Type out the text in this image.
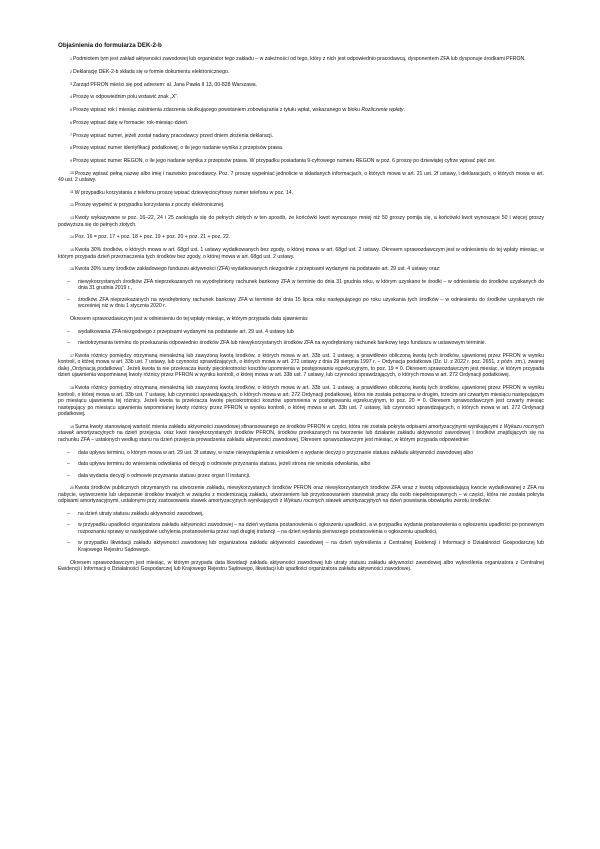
Objaśnienia do formularza DEK-2-b

$^1$Podmiotem tym jest zakład aktywności zawodowej lub organizator tego zakładu – w zależności od tego, który z nich jest odpowiednio pracodawcą, dysponentem ZFA lub dysponuje środkami PFRON.

$^2$Deklarację DEK-2-b składa się w formie dokumentu elektronicznego.

$^3$Zarząd PFRON mieści się pod adresem: al. Jana Pawła II 13, 00-828 Warszawa.

$^4$Proszę w odpowiednim polu wstawić znak „X”.

$^5$Proszę wpisać rok i miesiąc zaistnienia zdarzenia skutkującego powstaniem zobowiązania z tytułu wpłat, wskazanego w bloku Rozliczenie wpłaty.

$^6$Proszę wpisać datę w formacie: rok-miesiąc-dzień.

$^7$Proszę wpisać numer, jeżeli został nadany pracodawcy przed dniem złożenia deklaracji.

$^8$Proszę wpisać numer identyfikacji podatkowej, o ile jego nadanie wynika z przepisów prawa.

$^9$Proszę wpisać numer REGON, o ile jego nadanie wynika z przepisów prawa. W przypadku posiadania 9-cyfrowego numeru REGON w poz. 6 proszę po dziewiątej cyfrze wpisać pięć zer.

$^{10}$Proszę wpisać pełną nazwę albo imię i nazwisko pracodawcy. Poz. 7 proszę wypełniać jednolicie w składanych informacjach, o których mowa w art. 21 ust. 2f ustawy, i deklaracjach, o których mowa w art. 49 ust. 2 ustawy.

$^{11}$W przypadku korzystania z telefonu proszę wpisać dziewięciocyfrowy numer telefonu w poz. 14.

$^{12}$Proszę wypełnić w przypadku korzystania z poczty elektronicznej.

$^{13}$Kwoty wykazywane w poz. 16–22, 24 i 25 zaokrągla się do pełnych złotych w ten sposób, że końcówki kwot wynoszące mniej niż 50 groszy pomija się, a końcówki kwot wynoszące 50 i więcej groszy podwyższa się do pełnych złotych.

$^{14}$Poz. 16 = poz. 17 + poz. 18 + poz. 19 + poz. 20 + poz. 21 + poz. 22.

$^{15}$Kwota 30% środków, o których mowa w art. 68gd ust. 1 ustawy wydatkowanych bez zgody, o której mowa w art. 68gd ust. 2 ustawy. Okresem sprawozdawczym jest w odniesieniu do tej wpłaty miesiąc, w którym przypada dzień przeznaczenia tych środków bez zgody, o której mowa w art. 68gd ust. 2 ustawy.

$^{16}$Kwota 30% sumy środków zakładowego funduszu aktywności (ZFA) wydatkowanych niezgodnie z przepisami wydanymi na podstawie art. 29 ust. 4 ustawy oraz:

– niewykorzystanych środków ZFA nieprzekazanych na wyodrębniony rachunek bankowy ZFA w terminie do dnia 31 grudnia roku, w którym uzyskano te środki – w odniesieniu do środków uzyskanych do dnia 31 grudnia 2019 r.,
– środków ZFA nieprzekazanych na wyodrębniony rachunek bankowy ZFA w terminie do dnia 15 lipca roku następującego po roku uzyskania tych środków – w odniesieniu do środków uzyskanych nie wcześniej niż w dniu 1 stycznia 2020 r.

Okresem sprawozdawczym jest w odniesieniu do tej wpłaty miesiąc, w którym przypada data ujawnienia:

– wydatkowania ZFA niezgodnego z przepisami wydanymi na podstawie art. 29 ust. 4 ustawy lub
– niedotrzymania terminu do przekazania odpowiednio środków ZFA lub niewykorzystanych środków ZFA na wyodrębniony rachunek bankowy tego funduszu w ustawowym terminie.

$^{17}$Kwota różnicy pomiędzy otrzymaną nienależną lub zawyżoną kwotą środków, o których mowa w art. 33b ust. 1 ustawy, a prawidłowo obliczoną kwotą tych środków, ujawnionej przez PFRON w wyniku kontroli, o której mowa w art. 33b ust. 7 ustawy, lub czynności sprawdzających, o których mowa w art. 272 ustawy z dnia 29 sierpnia 1997 r. – Ordynacja podatkowa (Dz. U. z 2022 r. poz. 2651, z późn. zm.), zwanej dalej „Ordynacją podatkową”. Jeżeli kwota ta nie przekracza kwoty pięciokrotności kosztów upomnienia w postępowaniu egzekucyjnym, to poz. 19 = 0. Okresem sprawozdawczym jest miesiąc, w którym przypada dzień ujawnienia wspomnianej kwoty różnicy przez PFRON w wyniku kontroli, o której mowa w art. 33b ust. 7 ustawy, lub czynności sprawdzających, o których mowa w art. 272 Ordynacji podatkowej.

$^{18}$Kwota różnicy pomiędzy otrzymaną nienależną lub zawyżoną kwotą środków, o których mowa w art. 33b ust. 1 ustawy, a prawidłowo obliczoną kwotą tych środków, ujawnionej przez PFRON w wyniku kontroli, o której mowa w art. 33b ust. 7 ustawy, lub czynności sprawdzających, o których mowa w art. 272 Ordynacji podatkowej, która nie została potrącona w drugim, trzecim ani czwartym miesiącu następującym po miesiącu ujawnienia tej różnicy. Jeżeli kwota ta przekracza kwotę pięciokrotności kosztów upomnienia w postępowaniu egzekucyjnym, to poz. 20 = 0. Okresem sprawozdawczym jest czwarty miesiąc następujący po miesiącu ujawnienia wspomnianej kwoty różnicy przez PFRON w wyniku kontroli, o której mowa w art. 33b ust. 7 ustawy, lub czynności sprawdzających, o których mowa w art. 272 Ordynacji podatkowej.

$^{19}$Suma kwoty stanowiącej wartość mienia zakładu aktywności zawodowej sfinansowanego ze środków PFRON w części, która nie została pokryta odpisami amortyzacyjnymi wynikającymi z Wykazu rocznych stawek amortyzacyjnych na dzień przejęcia, oraz kwot niewykorzystanych środków PFRON, środków przekazanych na tworzenie lub działanie zakładu aktywności zawodowej i środków znajdujących się na rachunku ZFA – ustalonych według stanu na dzień przejęcia prowadzenia zakładu aktywności zawodowej. Okresem sprawozdawczym jest miesiąc, w którym przypada odpowiednie:

– data upływu terminu, o którym mowa w art. 29 ust. 3f ustawy, w razie niewystąpienia z wnioskiem o wydanie decyzji o przyznanie statusu zakładu aktywności zawodowej albo
– data upływu terminu do wniesienia odwołania od decyzji o odmowie przyznania statusu, jeżeli strona nie wniosła odwołania, albo
– data wydania decyzji o odmowie przyznania statusu przez organ II instancji.

$^{20}$Kwota środków publicznych otrzymanych na utworzenie zakładu, niewykorzystanych środków PFRON oraz niewykorzystanych środków ZFA wraz z kwotą odpowiadającą kwocie wydatkowanej z ZFA na nabycie, wytworzenie lub ulepszenie środków trwałych w związku z modernizacją zakładu, utworzeniem lub przystosowaniem stanowisk pracy dla osób niepełnosprawnych – w części, która nie została pokryta odpisami amortyzacyjnymi, ustalonymi przy zastosowaniu stawek amortyzacyjnych wynikających z Wykazu rocznych stawek amortyzacyjnych na dzień powstania obowiązku zwrotu środków:

– na dzień utraty statusu zakładu aktywności zawodowej,
– w przypadku upadłości organizatora zakładu aktywności zawodowej – na dzień wydania postanowienia o ogłoszeniu upadłości, a w przypadku wydania postanowienia o ogłoszeniu upadłości po ponownym rozpoznaniu sprawy w następstwie uchylenia postanowienia przez sąd drugiej instancji – na dzień wydania pierwszego postanowienia o ogłoszeniu upadłości,
– w przypadku likwidacji zakładu aktywności zawodowej lub organizatora zakładu aktywności zawodowej – na dzień wykreślenia z Centralnej Ewidencji i Informacji o Działalności Gospodarczej lub Krajowego Rejestru Sądowego.

Okresem sprawozdawczym jest miesiąc, w którym przypada data likwidacji zakładu aktywności zawodowej lub utraty statusu zakładu aktywności zawodowej albo wykreślenia organizatora z Centralnej Ewidencji i Informacji o Działalności Gospodarczej lub Krajowego Rejestru Sądowego, likwidacji lub upadłości organizatora zakładu aktywności zawodowej.
